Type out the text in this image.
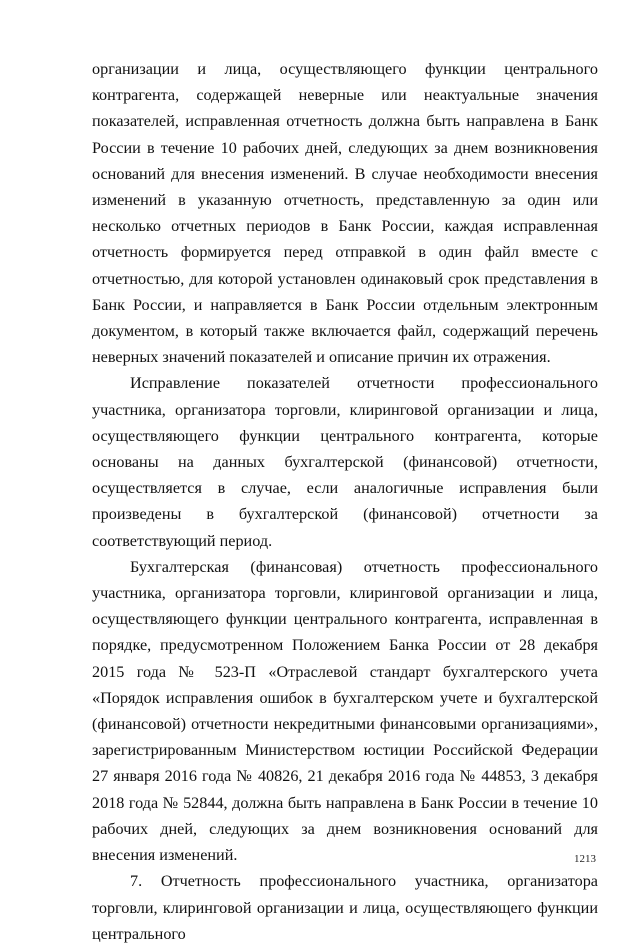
организации и лица, осуществляющего функции центрального контрагента, содержащей неверные или неактуальные значения показателей, исправленная отчетность должна быть направлена в Банк России в течение 10 рабочих дней, следующих за днем возникновения оснований для внесения изменений. В случае необходимости внесения изменений в указанную отчетность, представленную за один или несколько отчетных периодов в Банк России, каждая исправленная отчетность формируется перед отправкой в один файл вместе с отчетностью, для которой установлен одинаковый срок представления в Банк России, и направляется в Банк России отдельным электронным документом, в который также включается файл, содержащий перечень неверных значений показателей и описание причин их отражения.

Исправление показателей отчетности профессионального участника, организатора торговли, клиринговой организации и лица, осуществляющего функции центрального контрагента, которые основаны на данных бухгалтерской (финансовой) отчетности, осуществляется в случае, если аналогичные исправления были произведены в бухгалтерской (финансовой) отчетности за соответствующий период.

Бухгалтерская (финансовая) отчетность профессионального участника, организатора торговли, клиринговой организации и лица, осуществляющего функции центрального контрагента, исправленная в порядке, предусмотренном Положением Банка России от 28 декабря 2015 года № 523-П «Отраслевой стандарт бухгалтерского учета «Порядок исправления ошибок в бухгалтерском учете и бухгалтерской (финансовой) отчетности некредитными финансовыми организациями», зарегистрированным Министерством юстиции Российской Федерации 27 января 2016 года № 40826, 21 декабря 2016 года № 44853, 3 декабря 2018 года № 52844, должна быть направлена в Банк России в течение 10 рабочих дней, следующих за днем возникновения оснований для внесения изменений.

7. Отчетность профессионального участника, организатора торговли, клиринговой организации и лица, осуществляющего функции центрального

1213
